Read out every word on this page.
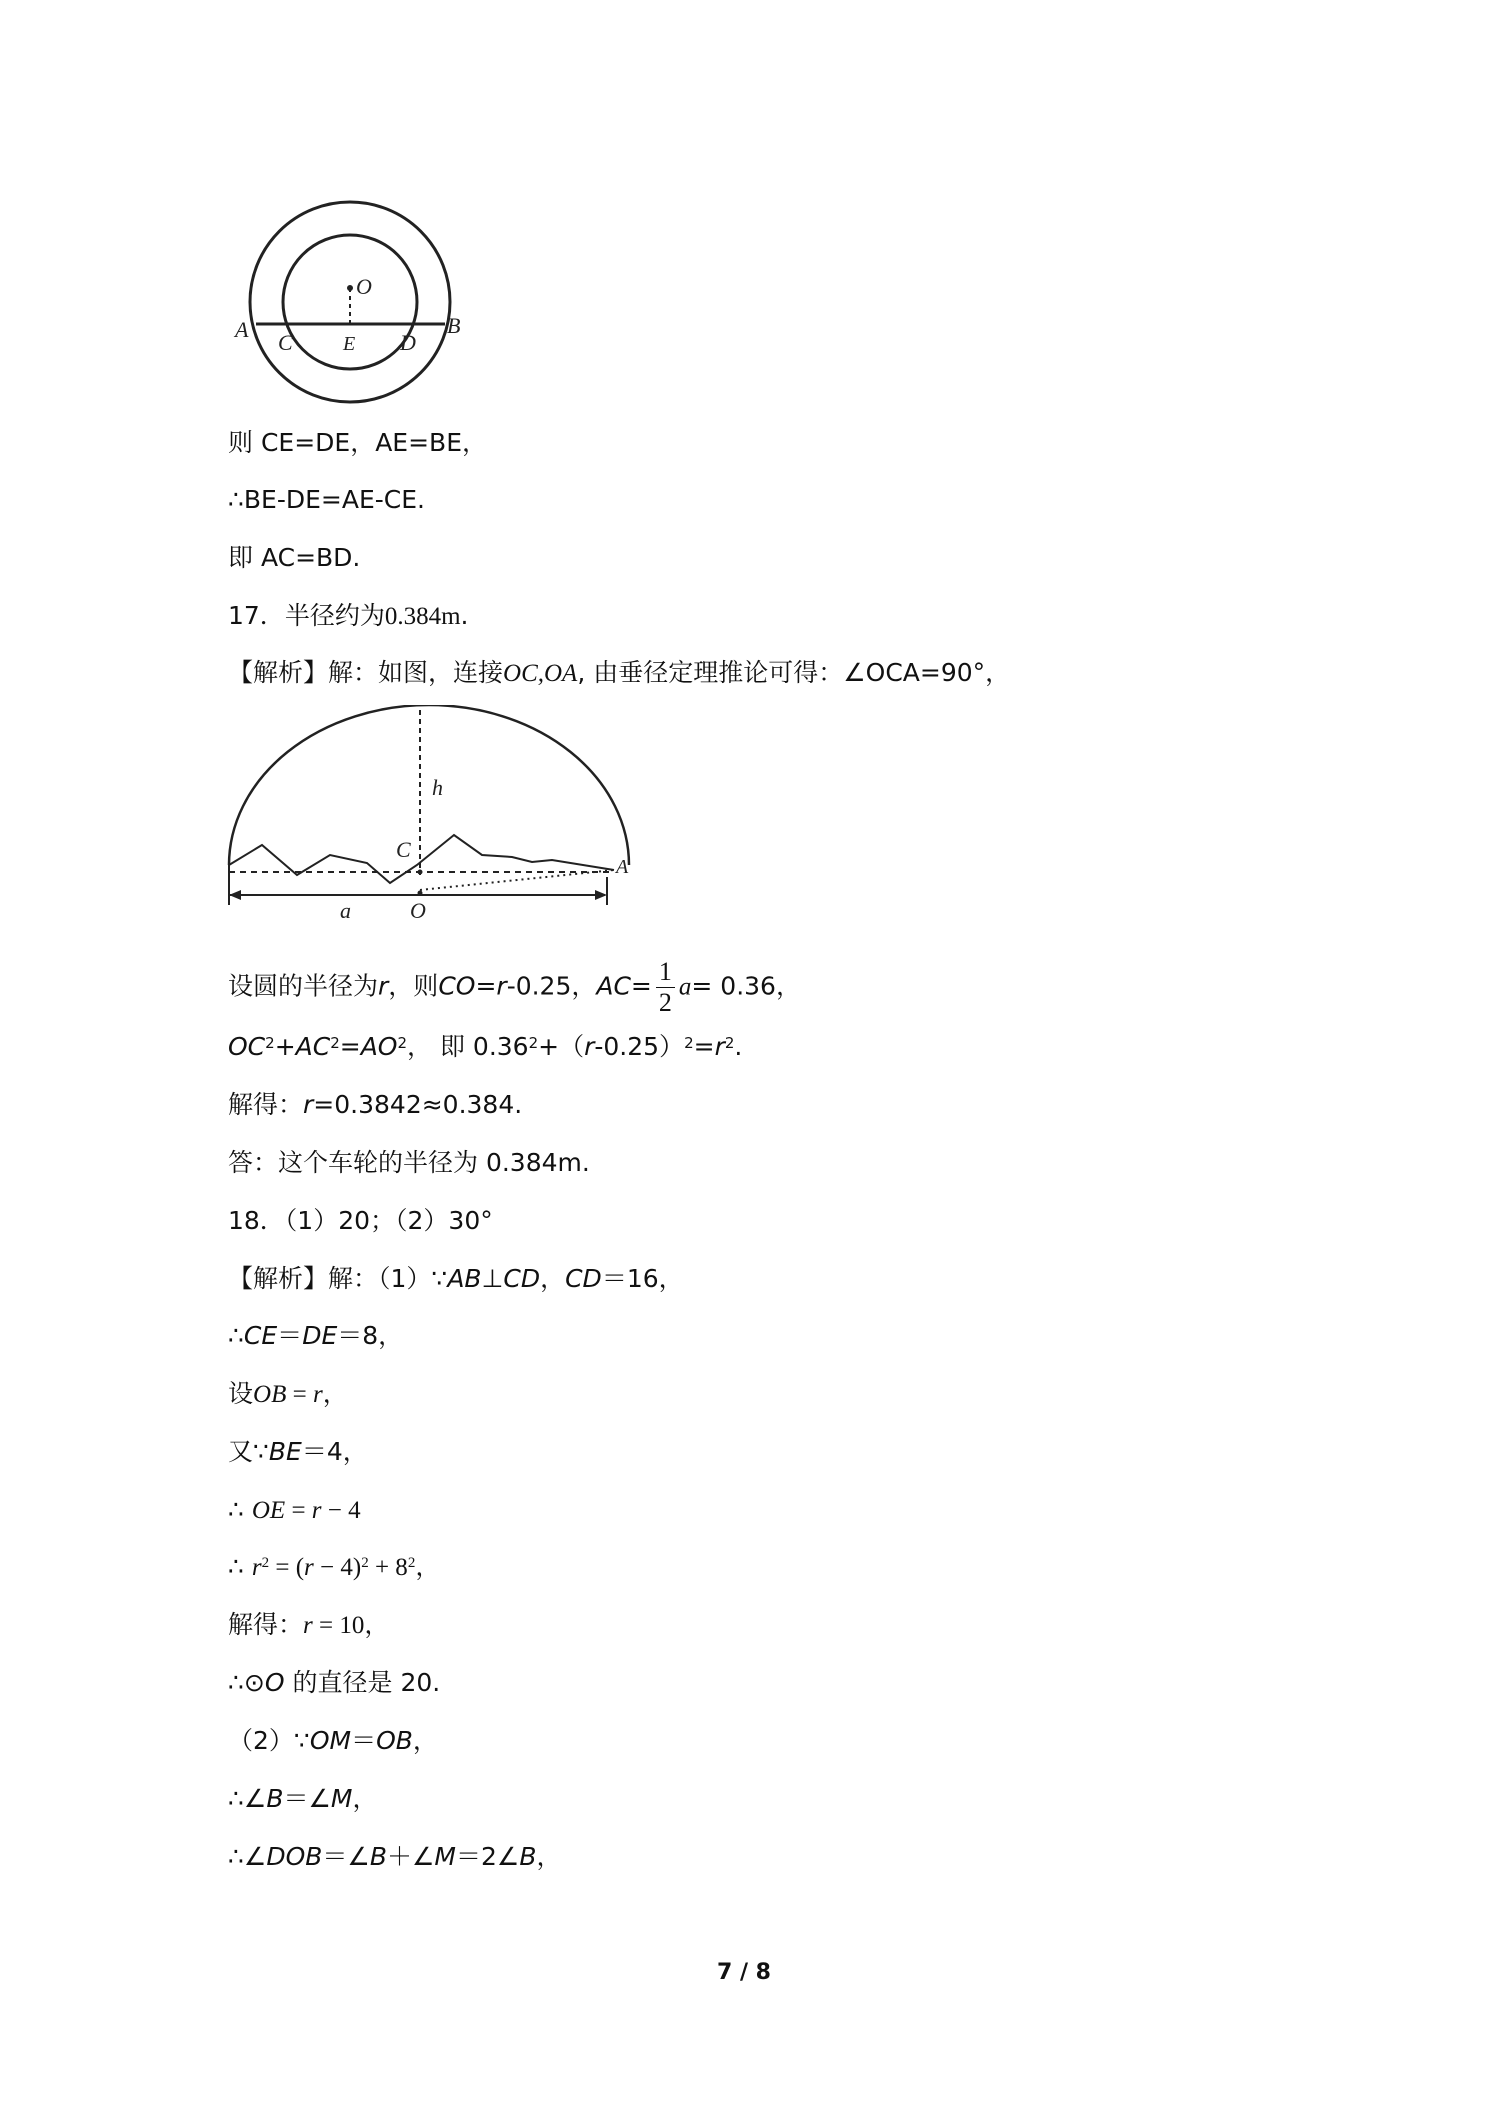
O
A	B
C	E D
则 CE=DE，AE=BE，
∴BE-DE=AE-CE.
即 AC=BD.
17．半径约为0.384m.
【解析】解：如图，连接OC,OA, 由垂径定理推论可得：∠OCA=90°，
h
C
A
a	O
设圆的半径为r，则CO=r-0.25，$AC= \frac{1}{2} a= 0.36$，
$OC^2+AC^2=AO^2$， 即 $0.36^2+(r-0.25)^2=r^2$.
解得：r=0.3842≈0.384.
答：这个车轮的半径为 0.384m.
18．（1）20；（2）30°
【解析】解：（1）∵AB⊥CD，CD＝16，
∴CE＝DE＝8，
设OB = r，
又∵BE＝4，
∴ OE = r − 4
∴ $r^2 = (r - 4)^2 + 8^2$，
解得：r = 10，
∴⊙O 的直径是 20.
（2）∵OM＝OB，
∴∠B＝∠M，
∴∠DOB＝∠B＋∠M＝2∠B，
7 / 8
